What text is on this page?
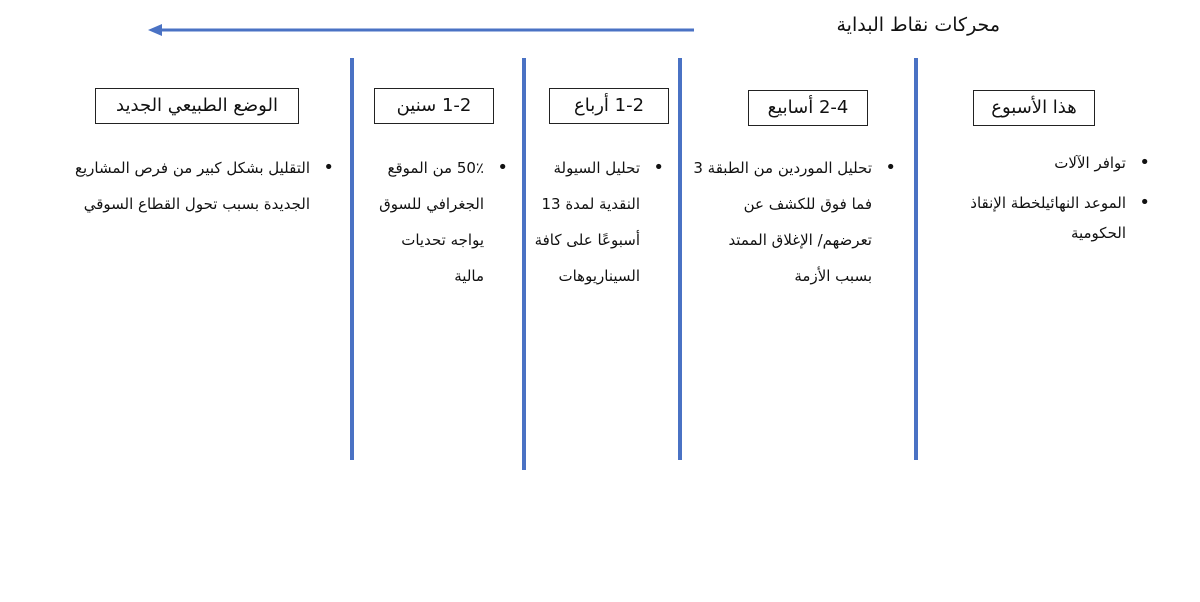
محركات نقاط البداية
هذا الأسبوع
• توافر الآلات
• الموعد النهائيلخطة الإنقاذ الحكومية
2-4 أسابيع
• تحليل الموردين من الطبقة 3 فما فوق للكشف عن تعرضهم/ الإغلاق الممتد بسبب الأزمة
1-2 أرباع
• تحليل السيولة النقدية لمدة 13 أسبوعًا على كافة السيناريوهات
1-2 سنين
• 50٪ من الموقع الجغرافي للسوق يواجه تحديات مالية
الوضع الطبيعي الجديد
• التقليل بشكل كبير من فرص المشاريع الجديدة بسبب تحول القطاع السوقي
